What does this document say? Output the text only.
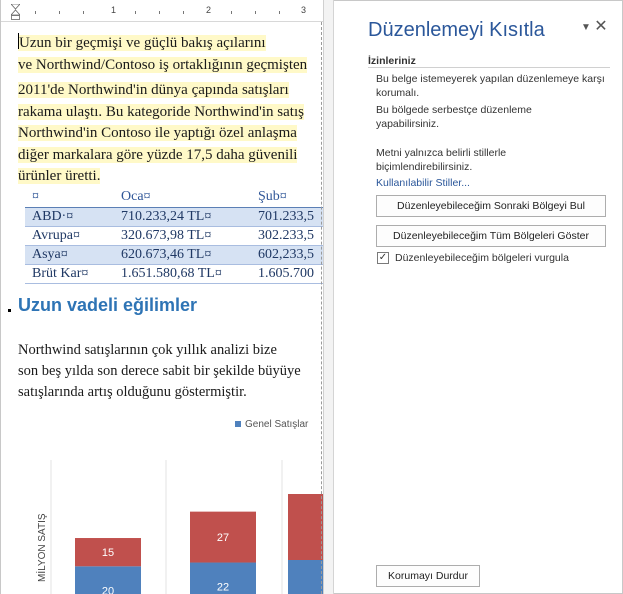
1	2	3
Uzun bir geçmişi ve güçlü bakış açılarını
ve Northwind/Contoso iş ortaklığının geçmişten
2011'de Northwind'in dünya çapında satışları
rakama ulaştı. Bu kategoride Northwind'in satış
Northwind'in Contoso ile yaptığı özel anlaşma
diğer markalara göre yüzde 17,5 daha güvenili
ürünler üretti.
¤	Oca¤	Şub¤
ABD·¤	710.233,24 TL¤	701.233,5
Avrupa¤	320.673,98 TL¤	302.233,5
Asya¤	620.673,46 TL¤	602,233,5
Brüt Kar¤	1.651.580,68 TL¤	1.605.700
Uzun vadeli eğilimler
Northwind satışlarının çok yıllık analizi bize
son beş yılda son derece sabit bir şekilde büyüye
satışlarında artış olduğunu göstermiştir.
15
20
27
22
Genel Satışlar
MİLYON SATIŞ
Düzenlemeyi Kısıtla	▼ ✕
İzinleriniz
Bu belge istemeyerek yapılan düzenlemeye karşı korumalı.
Bu bölgede serbestçe düzenleme yapabilirsiniz.
Metni yalnızca belirli stillerle biçimlendirebilirsiniz.
Kullanılabilir Stiller...
Düzenleyebileceğim Sonraki Bölgeyi Bul
Düzenleyebileceğim Tüm Bölgeleri Göster
✓ Düzenleyebileceğim bölgeleri vurgula
Korumayı Durdur
